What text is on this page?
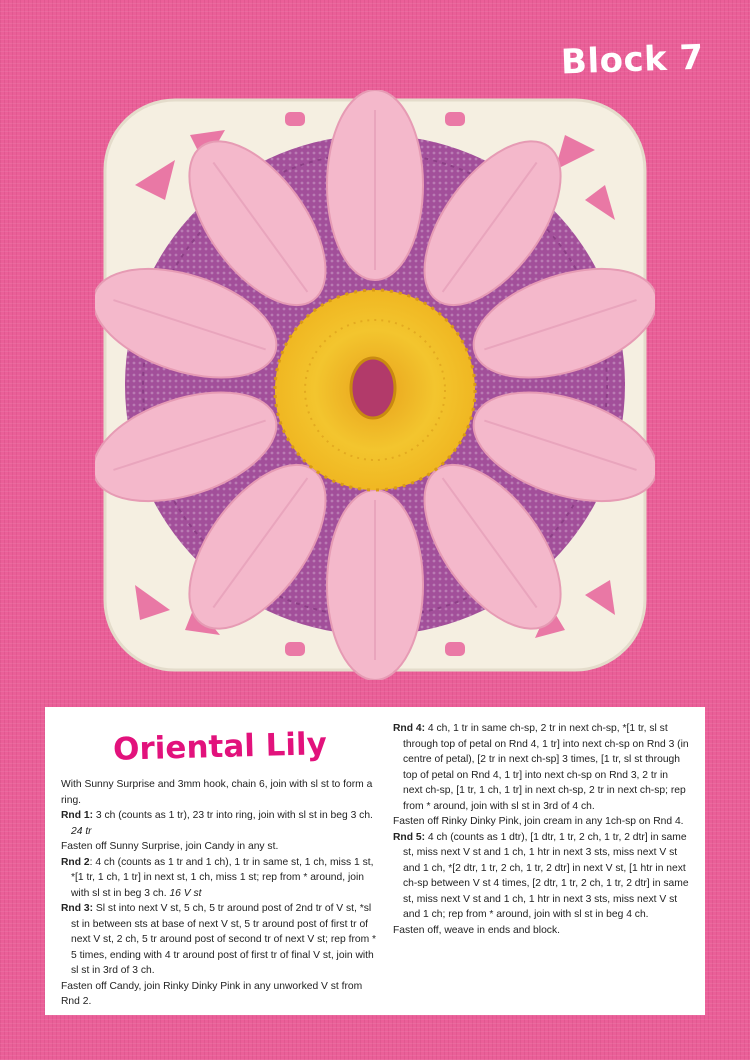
Block 7
Oriental Lily

With Sunny Surprise and 3mm hook, chain 6, join with sl st to form a ring.

Rnd 1: 3 ch (counts as 1 tr), 23 tr into ring, join with sl st in beg 3 ch. 24 tr

Fasten off Sunny Surprise, join Candy in any st.

Rnd 2: 4 ch (counts as 1 tr and 1 ch), 1 tr in same st, 1 ch, miss 1 st, *[1 tr, 1 ch, 1 tr] in next st, 1 ch, miss 1 st; rep from * around, join with sl st in beg 3 ch. 16 V st

Rnd 3: Sl st into next V st, 5 ch, 5 tr around post of 2nd tr of V st, *sl st in between sts at base of next V st, 5 tr around post of first tr of next V st, 2 ch, 5 tr around post of second tr of next V st; rep from * 5 times, ending with 4 tr around post of first tr of final V st, join with sl st in 3rd of 3 ch.

Fasten off Candy, join Rinky Dinky Pink in any unworked V st from Rnd 2.

Rnd 4: 4 ch, 1 tr in same ch-sp, 2 tr in next ch-sp, *[1 tr, sl st through top of petal on Rnd 4, 1 tr] into next ch-sp on Rnd 3 (in centre of petal), [2 tr in next ch-sp] 3 times, [1 tr, sl st through top of petal on Rnd 4, 1 tr] into next ch-sp on Rnd 3, 2 tr in next ch-sp, [1 tr, 1 ch, 1 tr] in next ch-sp, 2 tr in next ch-sp; rep from * around, join with sl st in 3rd of 4 ch.

Fasten off Rinky Dinky Pink, join cream in any 1ch-sp on Rnd 4.

Rnd 5: 4 ch (counts as 1 dtr), [1 dtr, 1 tr, 2 ch, 1 tr, 2 dtr] in same st, miss next V st and 1 ch, 1 htr in next 3 sts, miss next V st and 1 ch, *[2 dtr, 1 tr, 2 ch, 1 tr, 2 dtr] in next V st, [1 htr in next ch-sp between V st 4 times, [2 dtr, 1 tr, 2 ch, 1 tr, 2 dtr] in same st, miss next V st and 1 ch, 1 htr in next 3 sts, miss next V st and 1 ch; rep from * around, join with sl st in beg 4 ch.

Fasten off, weave in ends and block.
